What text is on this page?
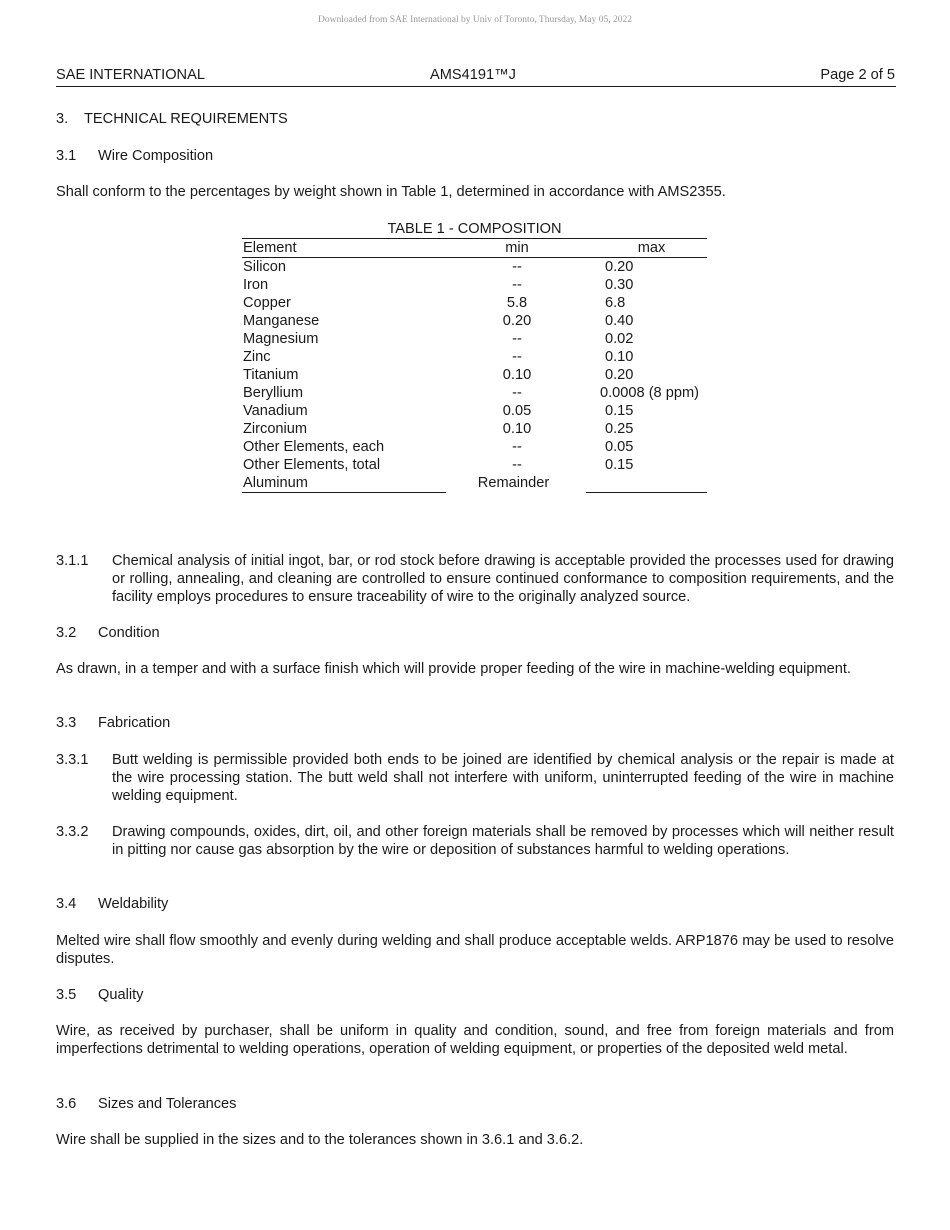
Downloaded from SAE International by Univ of Toronto, Thursday, May 05, 2022
SAE INTERNATIONAL	AMS4191™J	Page 2 of 5
3. TECHNICAL REQUIREMENTS
3.1 Wire Composition
Shall conform to the percentages by weight shown in Table 1, determined in accordance with AMS2355.
TABLE 1 - COMPOSITION
Element	min	max
Silicon	--	0.20
Iron	--	0.30
Copper	5.8	6.8
Manganese	0.20	0.40
Magnesium	--	0.02
Zinc	--	0.10
Titanium	0.10	0.20
Beryllium	--	0.0008 (8 ppm)
Vanadium	0.05	0.15
Zirconium	0.10	0.25
Other Elements, each	--	0.05
Other Elements, total	--	0.15
Aluminum	Remainder
3.1.1 Chemical analysis of initial ingot, bar, or rod stock before drawing is acceptable provided the processes used for drawing or rolling, annealing, and cleaning are controlled to ensure continued conformance to composition requirements, and the facility employs procedures to ensure traceability of wire to the originally analyzed source.
3.2 Condition
As drawn, in a temper and with a surface finish which will provide proper feeding of the wire in machine-welding equipment.
3.3 Fabrication
3.3.1 Butt welding is permissible provided both ends to be joined are identified by chemical analysis or the repair is made at the wire processing station. The butt weld shall not interfere with uniform, uninterrupted feeding of the wire in machine welding equipment.
3.3.2 Drawing compounds, oxides, dirt, oil, and other foreign materials shall be removed by processes which will neither result in pitting nor cause gas absorption by the wire or deposition of substances harmful to welding operations.
3.4 Weldability
Melted wire shall flow smoothly and evenly during welding and shall produce acceptable welds. ARP1876 may be used to resolve disputes.
3.5 Quality
Wire, as received by purchaser, shall be uniform in quality and condition, sound, and free from foreign materials and from imperfections detrimental to welding operations, operation of welding equipment, or properties of the deposited weld metal.
3.6 Sizes and Tolerances
Wire shall be supplied in the sizes and to the tolerances shown in 3.6.1 and 3.6.2.
